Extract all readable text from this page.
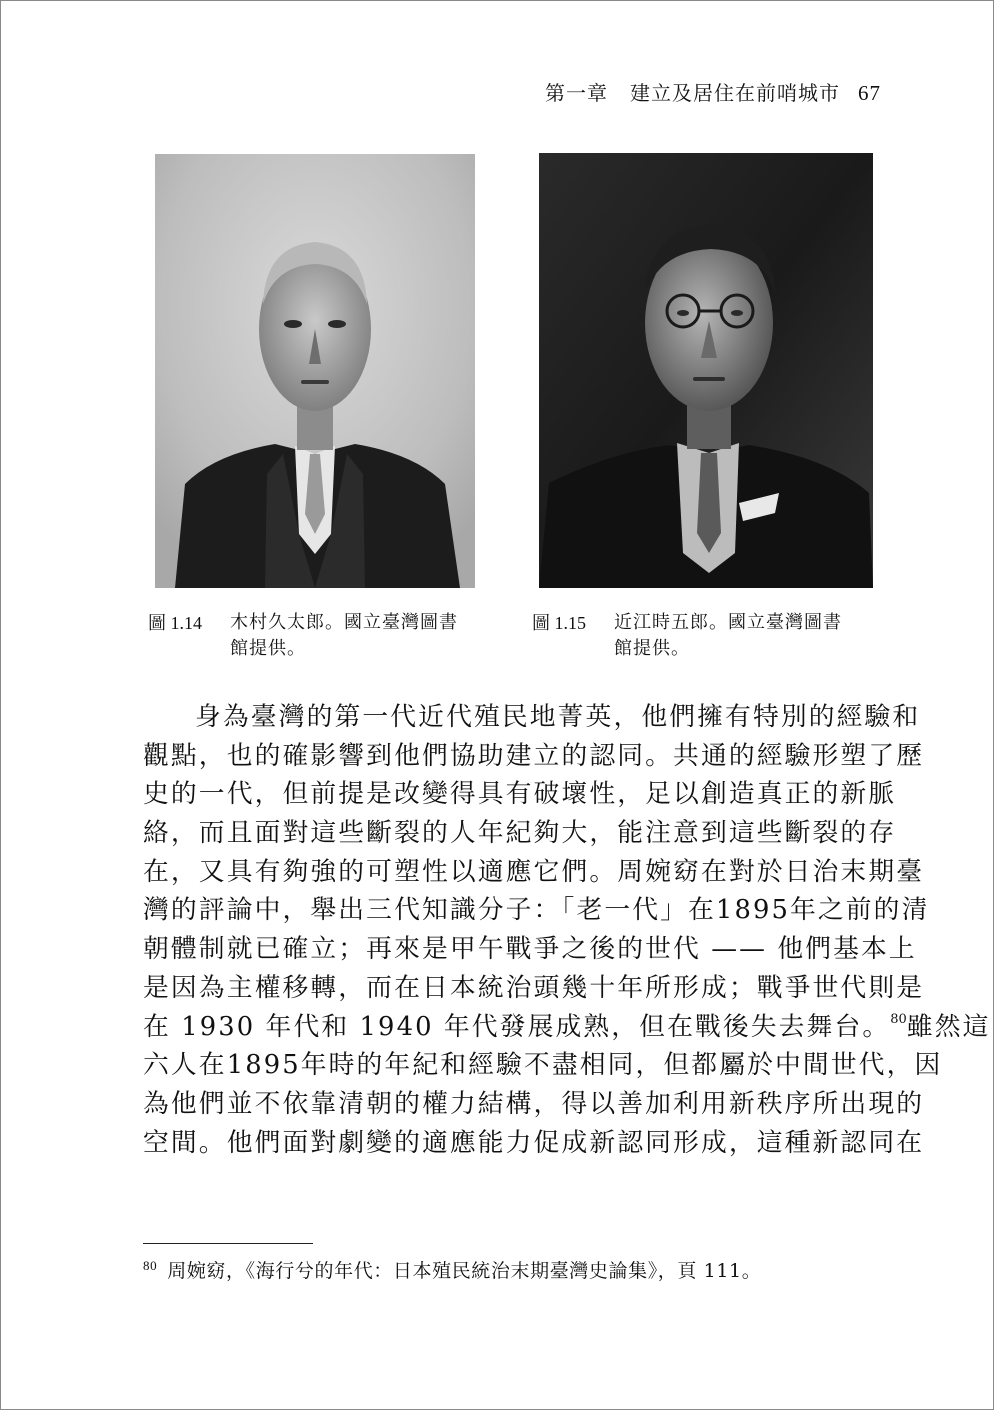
第一章 建立及居住在前哨城市 67
圖 1.14	木村久太郎。國立臺灣圖書
館提供。
圖 1.15	近江時五郎。國立臺灣圖書
館提供。
身為臺灣的第一代近代殖民地菁英，他們擁有特別的經驗和
觀點，也的確影響到他們協助建立的認同。共通的經驗形塑了歷
史的一代，但前提是改變得具有破壞性，足以創造真正的新脈
絡，而且面對這些斷裂的人年紀夠大，能注意到這些斷裂的存
在，又具有夠強的可塑性以適應它們。周婉窈在對於日治末期臺
灣的評論中，舉出三代知識分子：「老一代」在1895年之前的清
朝體制就已確立；再來是甲午戰爭之後的世代 —— 他們基本上
是因為主權移轉，而在日本統治頭幾十年所形成；戰爭世代則是
在 1930 年代和 1940 年代發展成熟，但在戰後失去舞台。$^{80}$雖然這
六人在1895年時的年紀和經驗不盡相同，但都屬於中間世代，因
為他們並不依靠清朝的權力結構，得以善加利用新秩序所出現的
空間。他們面對劇變的適應能力促成新認同形成，這種新認同在
$^{80}$ 周婉窈，《海行兮的年代：日本殖民統治末期臺灣史論集》，頁 111。
